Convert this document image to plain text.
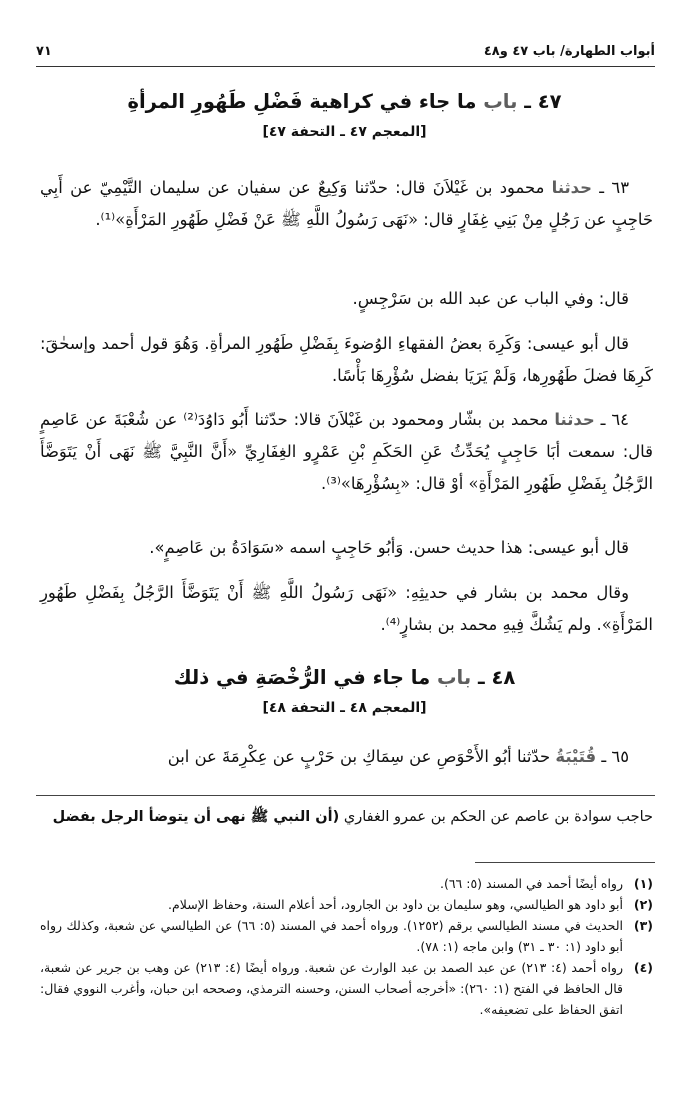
أبواب الطهارة/ باب ٤٧ و٤٨
٧١
٤٧ ـ باب ما جاء في كراهية فَضْلِ طَهُورِ المرأةِ
[المعجم ٤٧ ـ التحفة ٤٧]
٦٣ ـ حدثنا محمود بن غَيْلاَنَ قال: حدّثنا وَكِيعٌ عن سفيان عن سليمان التَّيْمِيّ عن أَبِي حَاجِبٍ عن رَجُلٍ مِنْ بَنِي غِفَارٍ قال: «نَهَى رَسُولُ اللَّهِ ﷺ عَنْ فَضْلِ طَهُورِ المَرْأَةِ»⁽¹⁾.
قال: وفي الباب عن عبد الله بن سَرْجِسٍ.
قال أبو عيسى: وَكَرِهَ بعضُ الفقهاءِ الوُضوءَ بِفَضْلِ طَهُورِ المرأةِ. وَهُوَ قول أحمد وإسحٰقَ: كَرِهَا فضلَ طَهُورِها، وَلَمْ يَرَيَا بفضل سُؤْرِهَا بَأْسًا.
٦٤ ـ حدثنا محمد بن بشّار ومحمود بن غَيْلاَنَ قالا: حدّثنا أَبُو دَاوُدَ⁽²⁾ عن شُعْبَةَ عن عَاصِمٍ قال: سمعت أبَا حَاجِبٍ يُحَدِّثُ عَنِ الحَكَمِ بْنِ عَمْرٍو الغِفَارِيِّ «أَنَّ النَّبِيَّ ﷺ نَهَى أَنْ يَتَوَضَّأَ الرَّجُلُ بِفَضْلِ طَهُورِ المَرْأَةِ» أوْ قال: «بِسُؤْرِهَا»⁽³⁾.
قال أبو عيسى: هذا حديث حسن. وَأبُو حَاجِبٍ اسمه «سَوَادَةُ بن عَاصِمٍ».
وقال محمد بن بشار في حديثِهِ: «نَهَى رَسُولُ اللَّهِ ﷺ أَنْ يَتَوَضَّأَ الرَّجُلُ بِفَضْلِ طَهُورِ المَرْأَةِ». ولم يَشُكَّ فِيهِ محمد بن بشارٍ⁽⁴⁾.
٤٨ ـ باب ما جاء في الرُّخْصَةِ في ذلك
[المعجم ٤٨ ـ التحفة ٤٨]
٦٥ ـ قُتَيْبَةُ حدّثنا أبُو الأَحْوَصِ عن سِمَاكِ بن حَرْبٍ عن عِكْرِمَةَ عن ابن
حاجب سوادة بن عاصم عن الحكم بن عمرو الغفاري (أن النبي ﷺ نهى أن يتوضأ الرجل بفضل
(١)
رواه أيضًا أحمد في المسند (٥: ٦٦).
(٢)
أبو داود هو الطيالسي، وهو سليمان بن داود بن الجارود، أحد أعلام السنة، وحفاظ الإسلام.
(٣)
الحديث في مسند الطيالسي برقم (١٢٥٢). ورواه أحمد في المسند (٥: ٦٦) عن الطيالسي عن شعبة، وكذلك رواه أبو داود (١: ٣٠ ـ ٣١) وابن ماجه (١: ٧٨).
(٤)
رواه أحمد (٤: ٢١٣) عن عبد الصمد بن عبد الوارث عن شعبة. ورواه أيضًا (٤: ٢١٣) عن وهب بن جرير عن شعبة، قال الحافظ في الفتح (١: ٢٦٠): «أخرجه أصحاب السنن، وحسنه الترمذي، وصححه ابن حبان، وأغرب النووي فقال: اتفق الحفاظ على تضعيفه».
